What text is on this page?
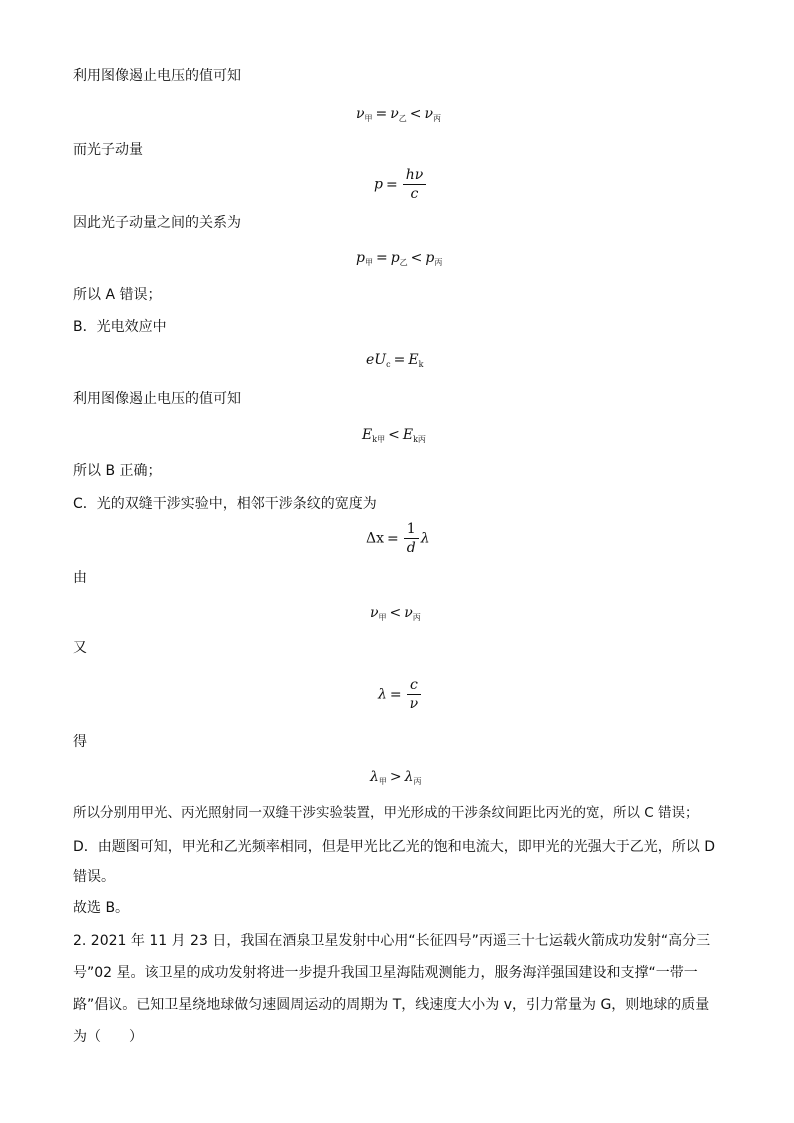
利用图像遏止电压的值可知
$\nu_甲 = \nu_乙 < \nu_丙$
而光子动量
$p = \frac{h\nu}{c}$
因此光子动量之间的关系为
$p_甲 = p_乙 < p_丙$
所以 A 错误；
B．光电效应中
$eU_c = E_k$
利用图像遏止电压的值可知
$E_{k甲} < E_{k丙}$
所以 B 正确；
C．光的双缝干涉实验中，相邻干涉条纹的宽度为
$\Delta x = \frac{1}{d}$ λ
由
$\nu_甲 < \nu_丙$
又
$\lambda = \frac{c}{\nu}$
得
$\lambda_甲 > \lambda_丙$
所以分别用甲光、丙光照射同一双缝干涉实验装置，甲光形成的干涉条纹间距比丙光的宽，所以 C 错误；
D．由题图可知，甲光和乙光频率相同，但是甲光比乙光的饱和电流大，即甲光的光强大于乙光，所以 D 错误。
故选 B。
2. 2021 年 11 月 23 日，我国在酒泉卫星发射中心用“长征四号”丙遥三十七运载火箭成功发射“高分三号”02 星。该卫星的成功发射将进一步提升我国卫星海陆观测能力，服务海洋强国建设和支撑“一带一路”倡议。已知卫星绕地球做匀速圆周运动的周期为 T，线速度大小为 v，引力常量为 G，则地球的质量为（　　）
